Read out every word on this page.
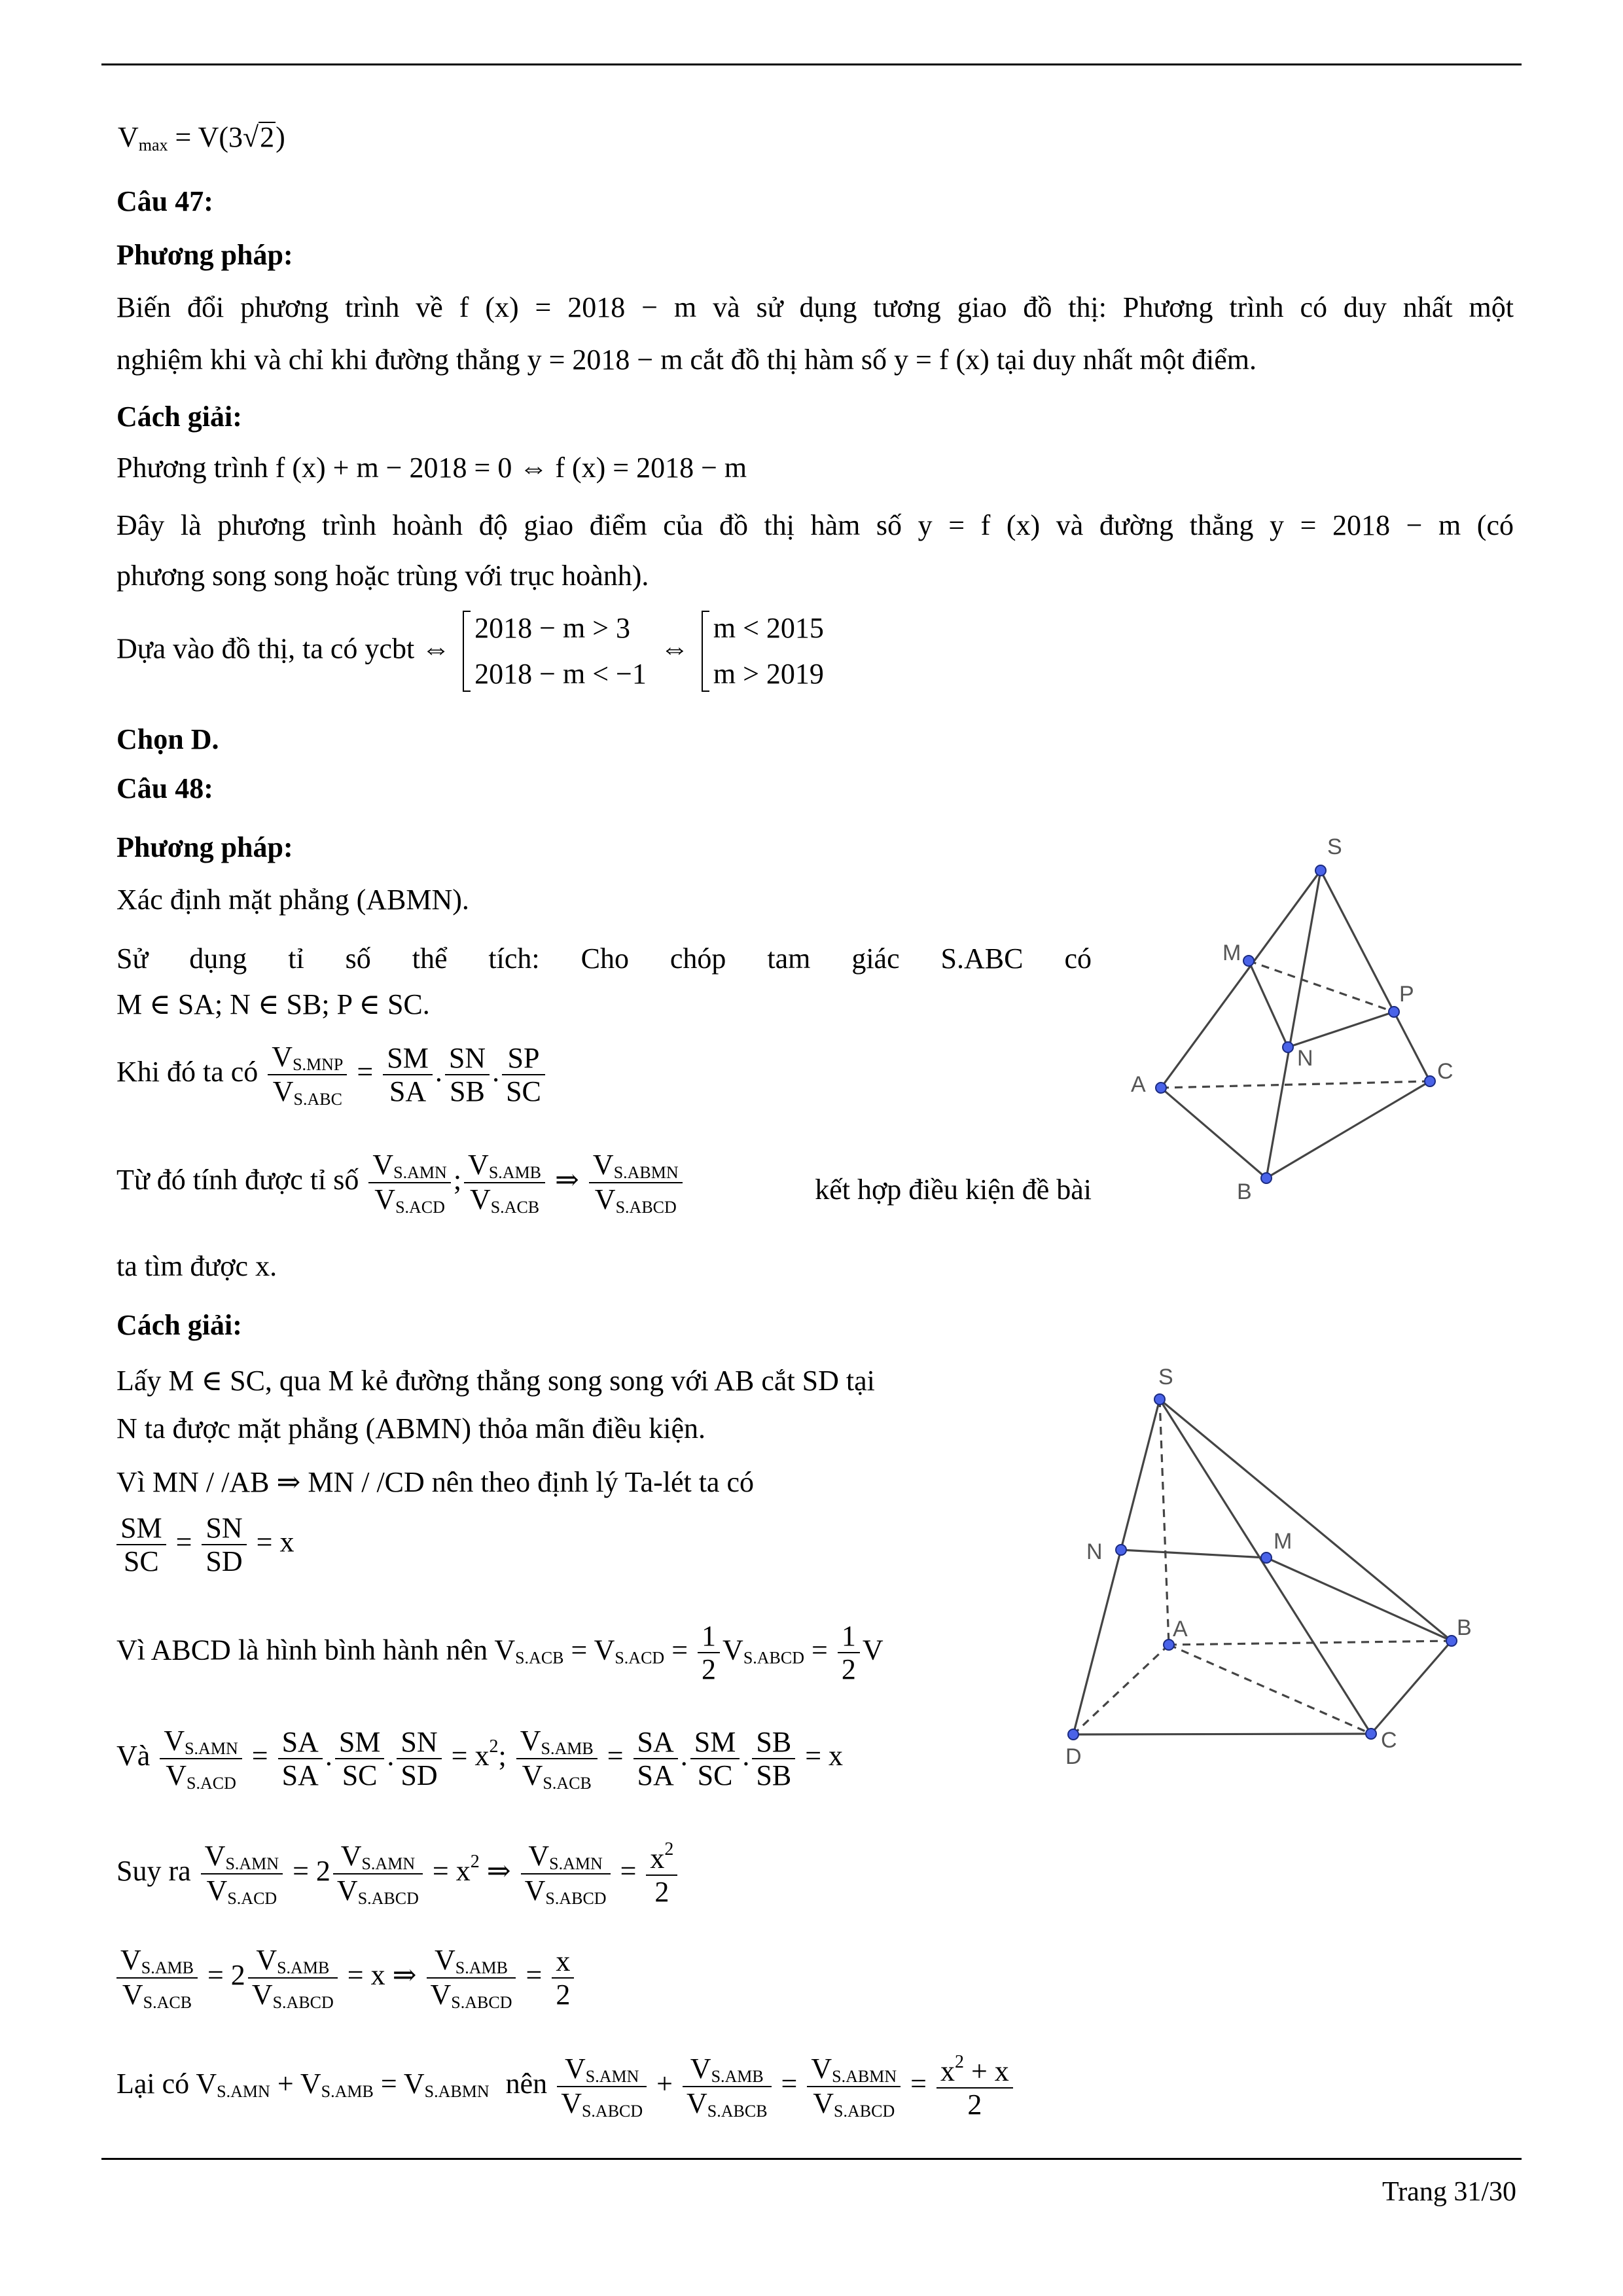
$V_{max} = V(3√2)$
Câu 47:
Phương pháp:
Biến đổi phương trình về f (x) = 2018 − m và sử dụng tương giao đồ thị: Phương trình có duy nhất một
nghiệm khi và chỉ khi đường thẳng y = 2018 − m cắt đồ thị hàm số y = f (x) tại duy nhất một điểm.
Cách giải:
Phương trình f (x) + m − 2018 = 0 ⇔ f (x) = 2018 − m
Đây là phương trình hoành độ giao điểm của đồ thị hàm số y = f (x) và đường thẳng y = 2018 − m (có
phương song song hoặc trùng với trục hoành).
Dựa vào đồ thị, ta có ycbt ⇔
2018 − m > 3
2018 − m < −1
⇔
m < 2015
m > 2019
Chọn D.
Câu 48:
Phương pháp:
Xác định mặt phẳng (ABMN).
Sử dụng tỉ số thể tích: Cho chóp tam giác S.ABC có
M ∈ SA; N ∈ SB; P ∈ SC.
Khi đó ta có $V_{S.MNP}$
$V_{S.ABC}$
= $\frac{SM}{SA}$ . $\frac{SN}{SB}$ . $\frac{SP}{SC}$
Từ đó tính được tỉ số $V_{S.AMN}$
$V_{S.ACD}$
; $V_{S.AMB}$
$V_{S.ACB}$
⇒ $V_{S.ABMN}$
$V_{S.ABCD}$
kết hợp điều kiện đề bài
ta tìm được x.
Cách giải:
Lấy M ∈ SC, qua M kẻ đường thẳng song song với AB cắt SD tại
N ta được mặt phẳng (ABMN) thỏa mãn điều kiện.
Vì MN / /AB ⇒ MN / /CD nên theo định lý Ta-lét ta có
$\frac{SM}{SC} = \frac{SN}{SD} = x$
Vì ABCD là hình bình hành nên $V_{S.ACB} = V_{S.ACD} = \frac{1}{2} V_{S.ABCD} = \frac{1}{2}$ V
Và $V_{S.AMN}$
$V_{S.ACD}$
= $\frac{SA}{SA}$ . $\frac{SM}{SC}$ . $\frac{SN}{SD} = x^2$; $V_{S.AMB}$
$V_{S.ACB}$
= $\frac{SA}{SA}$ . $\frac{SM}{SC}$ . $\frac{SB}{SB} = x$
Suy ra $V_{S.AMN}$
$V_{S.ACD}$
= 2 $V_{S.AMN}$
$V_{S.ABCD}$
= $x^2$ ⇒ $V_{S.AMN}$
$V_{S.ABCD}$
= $\frac{x^2}{2}$
$V_{S.AMB}$
$V_{S.ACB}$
= 2 $V_{S.AMB}$
$V_{S.ABCD}$
= x ⇒ $V_{S.AMB}$
$V_{S.ABCD}$
= $\frac{x}{2}$
Lại có $V_{S.AMN} + V_{S.AMB} = V_{S.ABMN}$ nên $V_{S.AMN}$
$V_{S.ABCD}$
+ $V_{S.AMB}$
$V_{S.ABCB}$
= $V_{S.ABMN}$
$V_{S.ABCD}$
= $\frac{x^2 + x}{2}$
S
M
P
N
A
C
B
S
N	M
A	B
D
C
Trang 31/30
